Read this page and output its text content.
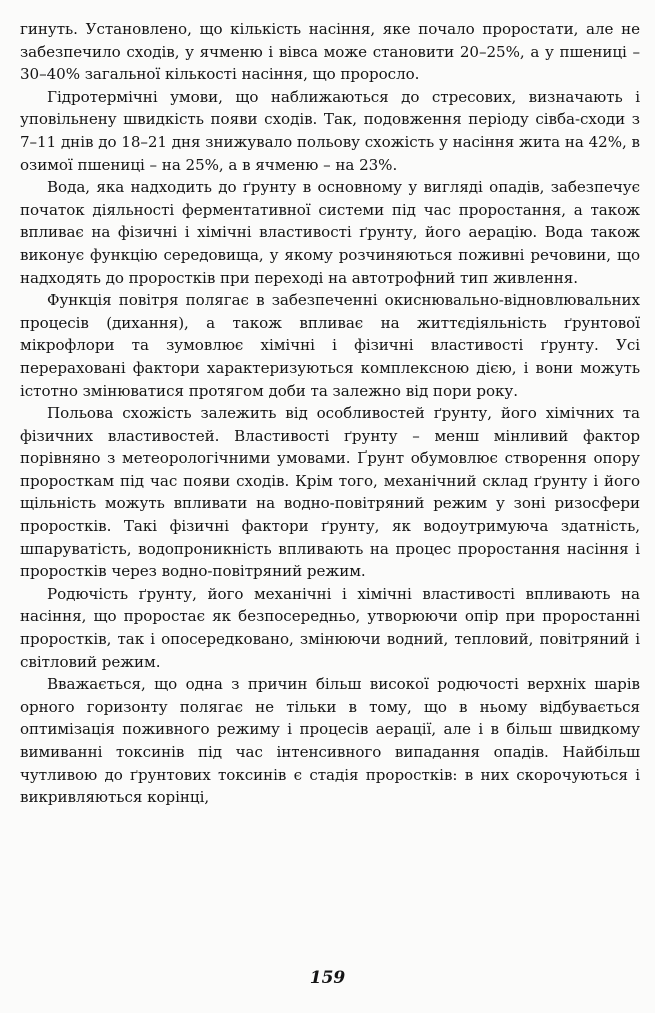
гинуть. Установлено, що кількість насіння, яке почало проростати, але не забезпечило сходів, у ячменю і вівса може становити 20–25%, а у пшениці – 30–40% загальної кількості насіння, що проросло.

Гідротермічні умови, що наближаються до стресових, визначають і уповільнену швидкість появи сходів. Так, подовження періоду сівба-сходи з 7–11 днів до 18–21 дня знижувало польову схожість у насіння жита на 42%, в озимої пшениці – на 25%, а в ячменю – на 23%.

Вода, яка надходить до ґрунту в основному у вигляді опадів, забезпечує початок діяльності ферментативної системи під час проростання, а також впливає на фізичні і хімічні властивості ґрунту, його аерацію. Вода також виконує функцію середовища, у якому розчиняються поживні речовини, що надходять до проростків при переході на автотрофний тип живлення.

Функція повітря полягає в забезпеченні окиснювально-відновлювальних процесів (дихання), а також впливає на життєдіяльність ґрунтової мікрофлори та зумовлює хімічні і фізичні властивості ґрунту. Усі перераховані фактори характеризуються комплексною дією, і вони можуть істотно змінюватися протягом доби та залежно від пори року.

Польова схожість залежить від особливостей ґрунту, його хімічних та фізичних властивостей. Властивості ґрунту – менш мінливий фактор порівняно з метеорологічними умовами. Ґрунт обумовлює створення опору проросткам під час появи сходів. Крім того, механічний склад ґрунту і його щільність можуть впливати на водно-повітряний режим у зоні ризосфери проростків. Такі фізичні фактори ґрунту, як водоутримуюча здатність, шпаруватість, водопроникність впливають на процес проростання насіння і проростків через водно-повітряний режим.

Родючість ґрунту, його механічні і хімічні властивості впливають на насіння, що проростає як безпосередньо, утворюючи опір при проростанні проростків, так і опосередковано, змінюючи водний, тепловий, повітряний і світловий режим.

Вважається, що одна з причин більш високої родючості верхніх шарів орного горизонту полягає не тільки в тому, що в ньому відбувається оптимізація поживного режиму і процесів аерації, але і в більш швидкому вимиванні токсинів під час інтенсивного випадання опадів. Найбільш чутливою до ґрунтових токсинів є стадія проростків: в них скорочуються і викривляються корінці,

159
